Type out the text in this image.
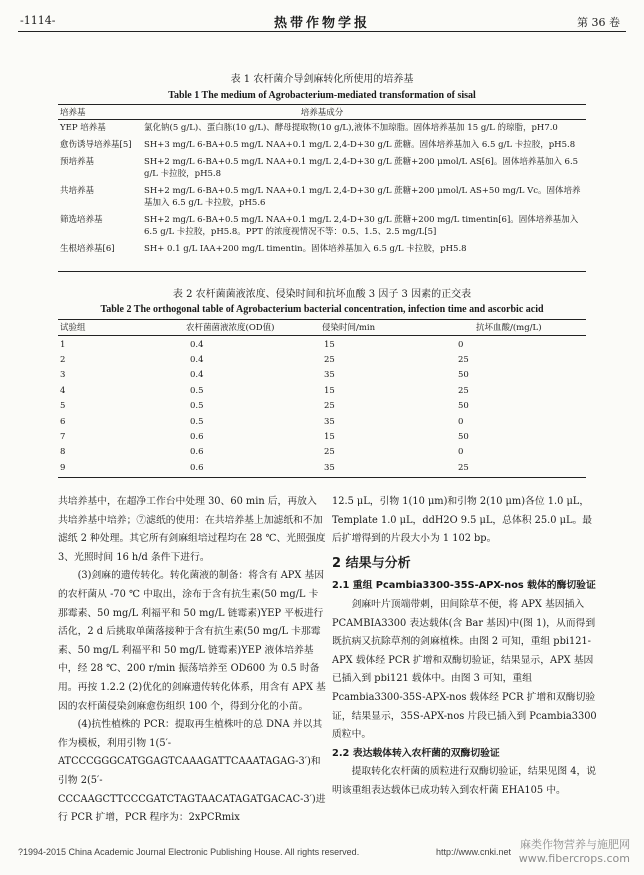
-1114-	热带作物学报	第 36 卷
表 1 农杆菌介导剑麻转化所使用的培养基
Table 1 The medium of Agrobacterium-mediated transformation of sisal
培养基	培养基成分
YEP 培养基	氯化钠(5 g/L)、蛋白胨(10 g/L)、酵母提取物(10 g/L),液体不加琼脂。固体培养基加 15 g/L 的琼脂，pH7.0
愈伤诱导培养基[5]	SH+3 mg/L 6-BA+0.5 mg/L NAA+0.1 mg/L 2,4-D+30 g/L 蔗糖。固体培养基加入 6.5 g/L 卡拉胶，pH5.8
预培养基	SH+2 mg/L 6-BA+0.5 mg/L NAA+0.1 mg/L 2,4-D+30 g/L 蔗糖+200 μmol/L AS[6]。固体培养基加入 6.5 g/L 卡拉胶，pH5.8
共培养基	SH+2 mg/L 6-BA+0.5 mg/L NAA+0.1 mg/L 2,4-D+30 g/L 蔗糖+200 μmol/L AS+50 mg/L Vc。固体培养基加入 6.5 g/L 卡拉胶，pH5.6
筛选培养基	SH+2 mg/L 6-BA+0.5 mg/L NAA+0.1 mg/L 2,4-D+30 g/L 蔗糖+200 mg/L timentin[6]。固体培养基加入 6.5 g/L 卡拉胶，pH5.8。PPT 的浓度视情况不等：0.5、1.5、2.5 mg/L[5]
生根培养基[6]	SH+ 0.1 g/L IAA+200 mg/L timentin。固体培养基加入 6.5 g/L 卡拉胶，pH5.8
表 2 农杆菌菌液浓度、侵染时间和抗坏血酸 3 因子 3 因素的正交表
Table 2 The orthogonal table of Agrobacterium bacterial concentration, infection time and ascorbic acid
试验组	农杆菌菌液浓度(OD值)	侵染时间/min	抗坏血酸/(mg/L)
1	0.4	15	0
2	0.4	25	25
3	0.4	35	50
4	0.5	15	25
5	0.5	25	50
6	0.5	35	0
7	0.6	15	50
8	0.6	25	0
9	0.6	35	25

共培养基中，在超净工作台中处理 30、60 min 后，再放入共培养基中培养；⑦滤纸的使用：在共培养基上加滤纸和不加滤纸 2 种处理。其它所有剑麻组培过程均在 28 ℃、光照强度 3、光照时间 16 h/d 条件下进行。

(3)剑麻的遗传转化。转化菌液的制备：将含有 APX 基因的农杆菌从 -70 ℃ 中取出，涂布于含有抗生素(50 mg/L 卡那霉素、50 mg/L 利福平和 50 mg/L 链霉素)YEP 平板进行活化，2 d 后挑取单菌落接种于含有抗生素(50 mg/L 卡那霉素、50 mg/L 利福平和 50 mg/L 链霉素)YEP 液体培养基中，经 28 ℃、200 r/min 振荡培养至 OD600 为 0.5 时备用。再按 1.2.2 (2)优化的剑麻遗传转化体系，用含有 APX 基因的农杆菌侵染剑麻愈伤组织 100 个，得到分化的小苗。

(4)抗性植株的 PCR：提取再生植株叶的总 DNA 并以其作为模板，利用引物 1(5′-ATCCCGGGCATGGAGTCAAAGATTCAAATAGAG-3′)和引物 2(5′-CCCAAGCTTCCCGATCTAGTAACATAGATGACAC-3′)进行 PCR 扩增，PCR 程序为：2xPCRmix

12.5 μL，引物 1(10 μm)和引物 2(10 μm)各位 1.0 μL，Template 1.0 μL，ddH2O 9.5 μL，总体积 25.0 μL。最后扩增得到的片段大小为 1 102 bp。

2 结果与分析

2.1 重组 Pcambia3300-35S-APX-nos 载体的酶切验证

剑麻叶片顶端带刺，田间除草不便，将 APX 基因插入 PCAMBIA3300 表达载体(含 Bar 基因)中(图 1)，从而得到既抗病又抗除草剂的剑麻植株。由图 2 可知，重组 pbi121-APX 载体经 PCR 扩增和双酶切验证，结果显示，APX 基因已插入到 pbi121 载体中。由图 3 可知，重组 Pcambia3300-35S-APX-nos 载体经 PCR 扩增和双酶切验证，结果显示，35S-APX-nos 片段已插入到 Pcambia3300 质粒中。

2.2 表达载体转入农杆菌的双酶切验证

提取转化农杆菌的质粒进行双酶切验证，结果见图 4，说明该重组表达载体已成功转入到农杆菌 EHA105 中。

?1994-2015 China Academic Journal Electronic Publishing House. All rights reserved.	http://www.cnki.net
麻类作物营养与施肥网
www.fibercrops.com
